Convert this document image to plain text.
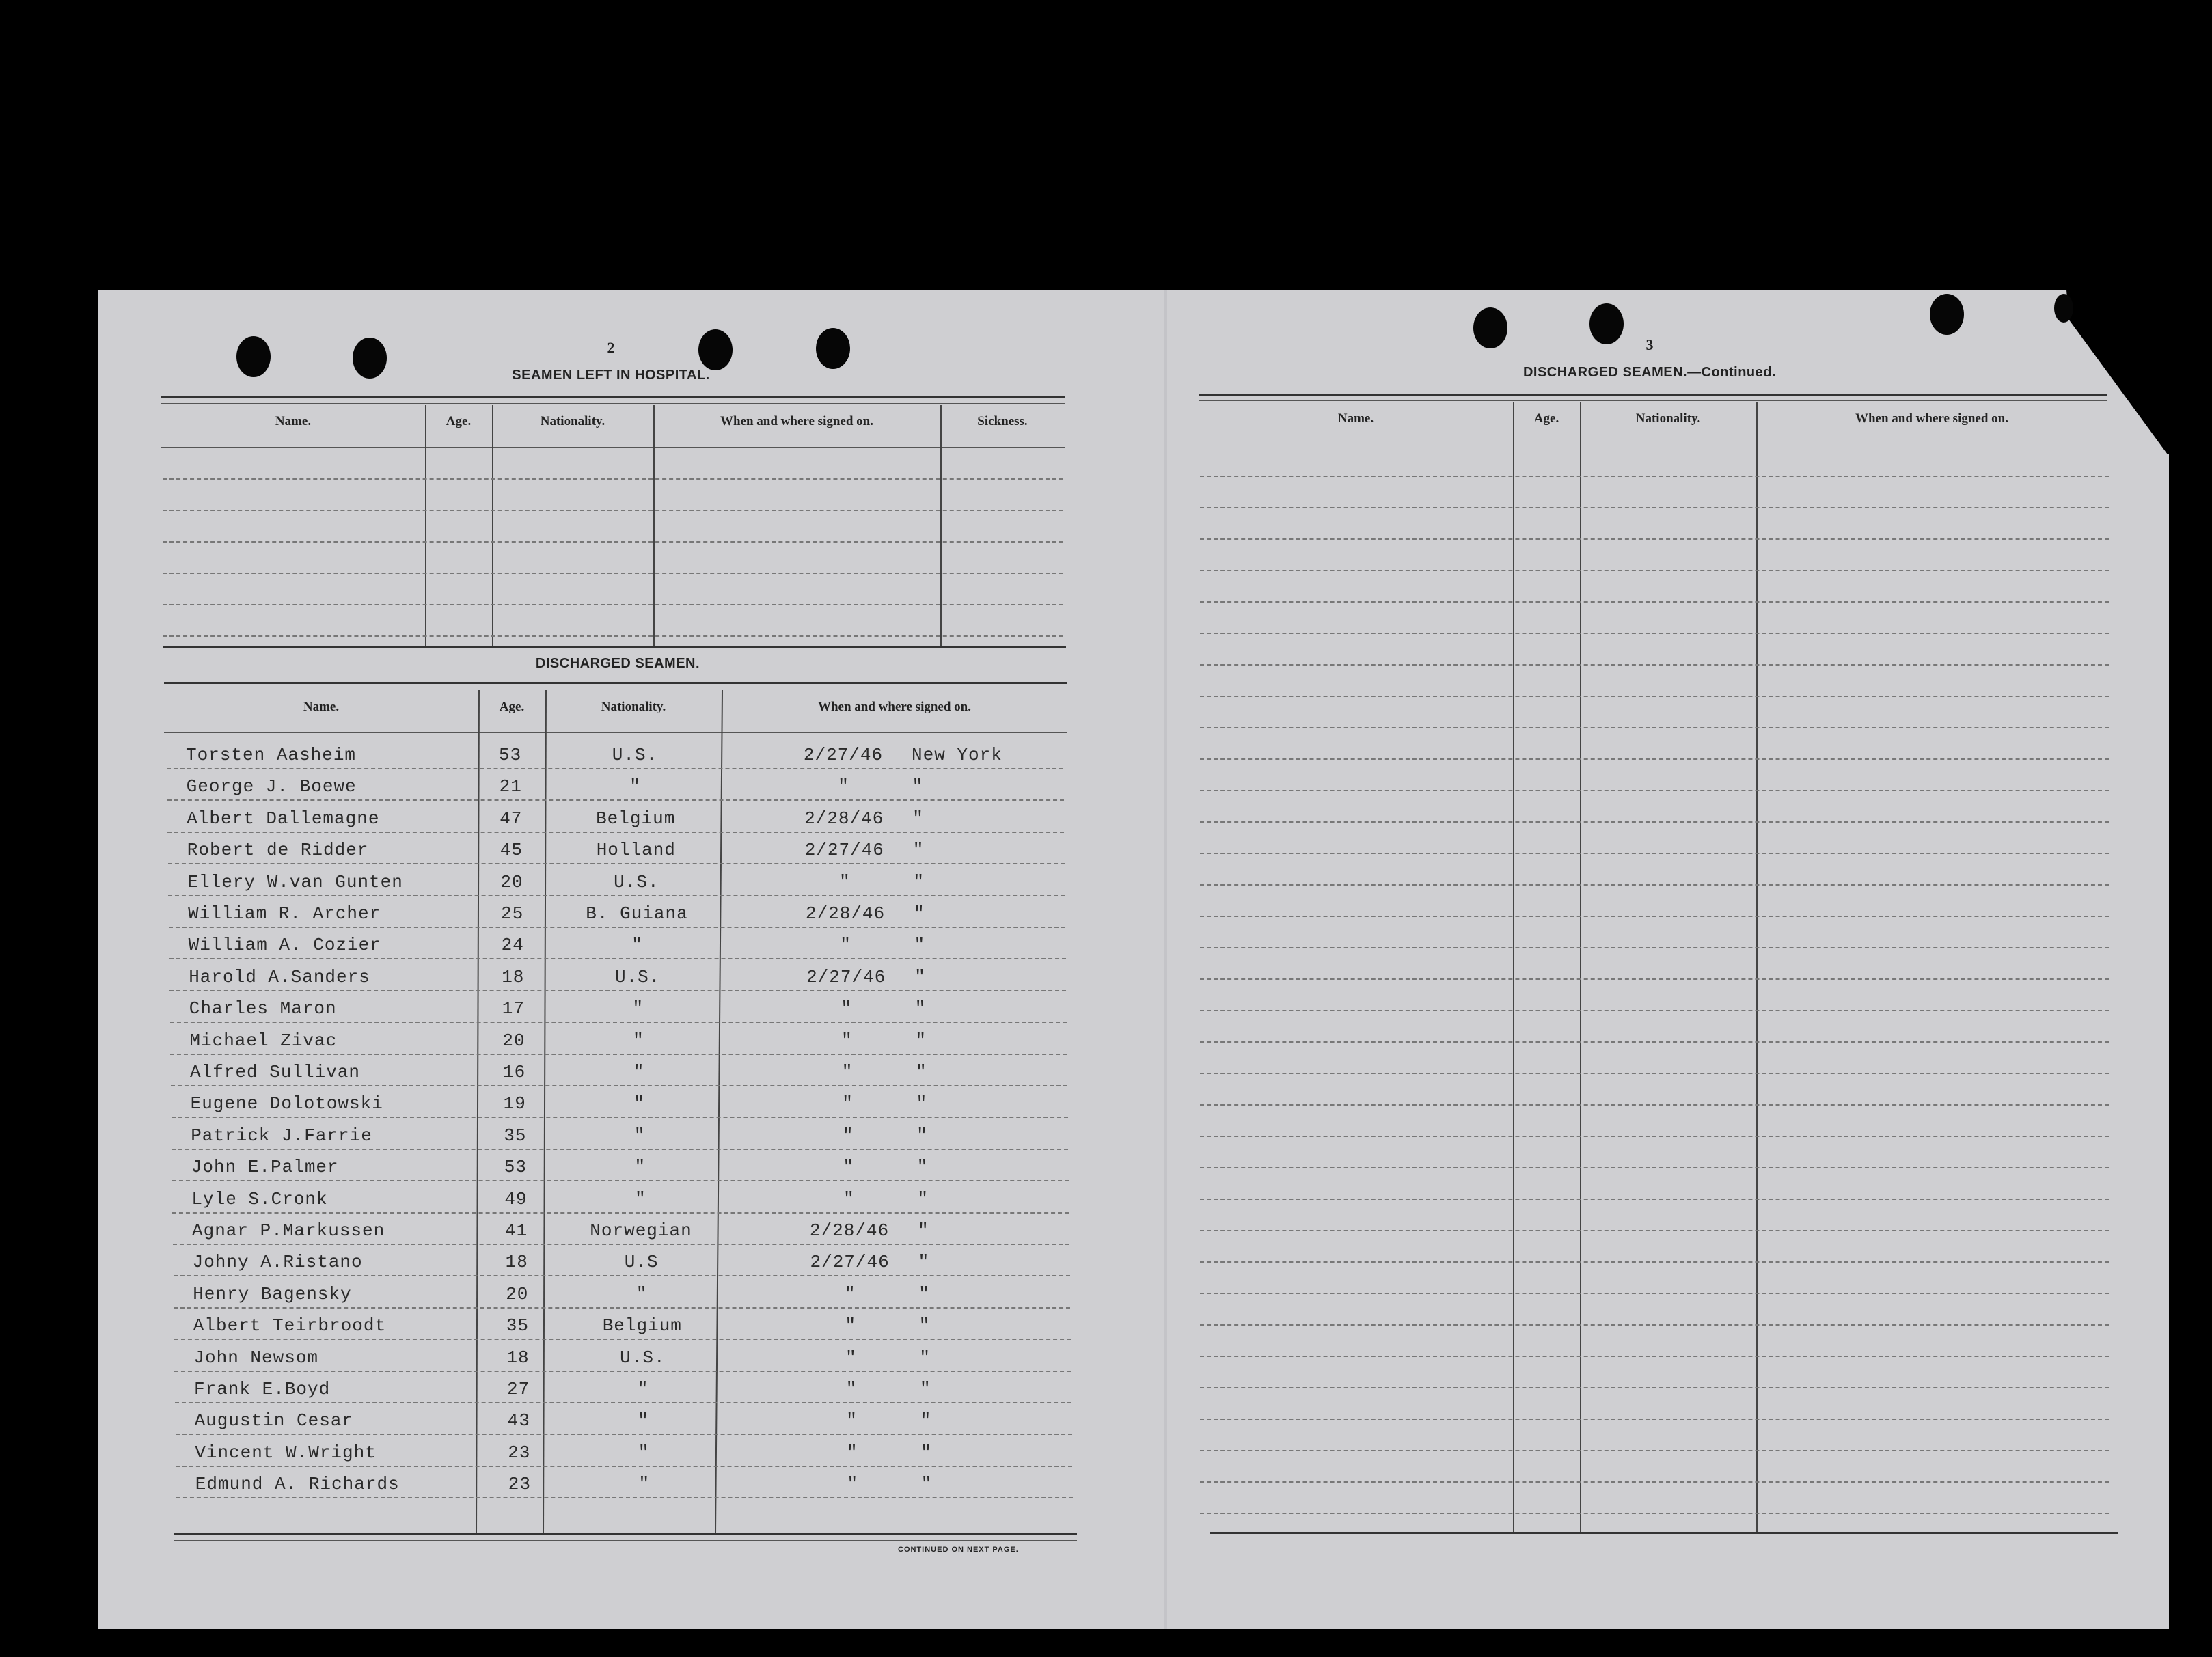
2
SEAMEN LEFT IN HOSPITAL.
Name.	Age.	Nationality.	When and where signed on.	Sickness.
DISCHARGED SEAMEN.
Name.	Age.	Nationality.	When and where signed on.
Torsten Aasheim	53	U.S.	2/27/46	New York
George J. Boewe	21	"	"	"
Albert Dallemagne	47	Belgium	2/28/46	"
Robert de Ridder	45	Holland	2/27/46	"
Ellery W.van Gunten	20	U.S.	"	"
William R. Archer	25	B. Guiana	2/28/46	"
William A. Cozier	24	"	"	"
Harold A.Sanders	18	U.S.	2/27/46	"
Charles Maron	17	"	"	"
Michael Zivac	20	"	"	"
Alfred Sullivan	16	"	"	"
Eugene Dolotowski	19	"	"	"
Patrick J.Farrie	35	"	"	"
John E.Palmer	53	"	"	"
Lyle S.Cronk	49	"	"	"
Agnar P.Markussen	41	Norwegian	2/28/46	"
Johny A.Ristano	18	U.S	2/27/46	"
Henry Bagensky	20	"	"	"
Albert Teirbroodt	35	Belgium	"	"
John Newsom	18	U.S.	"	"
Frank E.Boyd	27	"	"	"
Augustin Cesar	43	"	"	"
Vincent W.Wright	23	"	"	"
Edmund A. Richards	23	"	"	"
CONTINUED ON NEXT PAGE.
3
DISCHARGED SEAMEN.—Continued.
Name.	Age.	Nationality.	When and where signed on.
